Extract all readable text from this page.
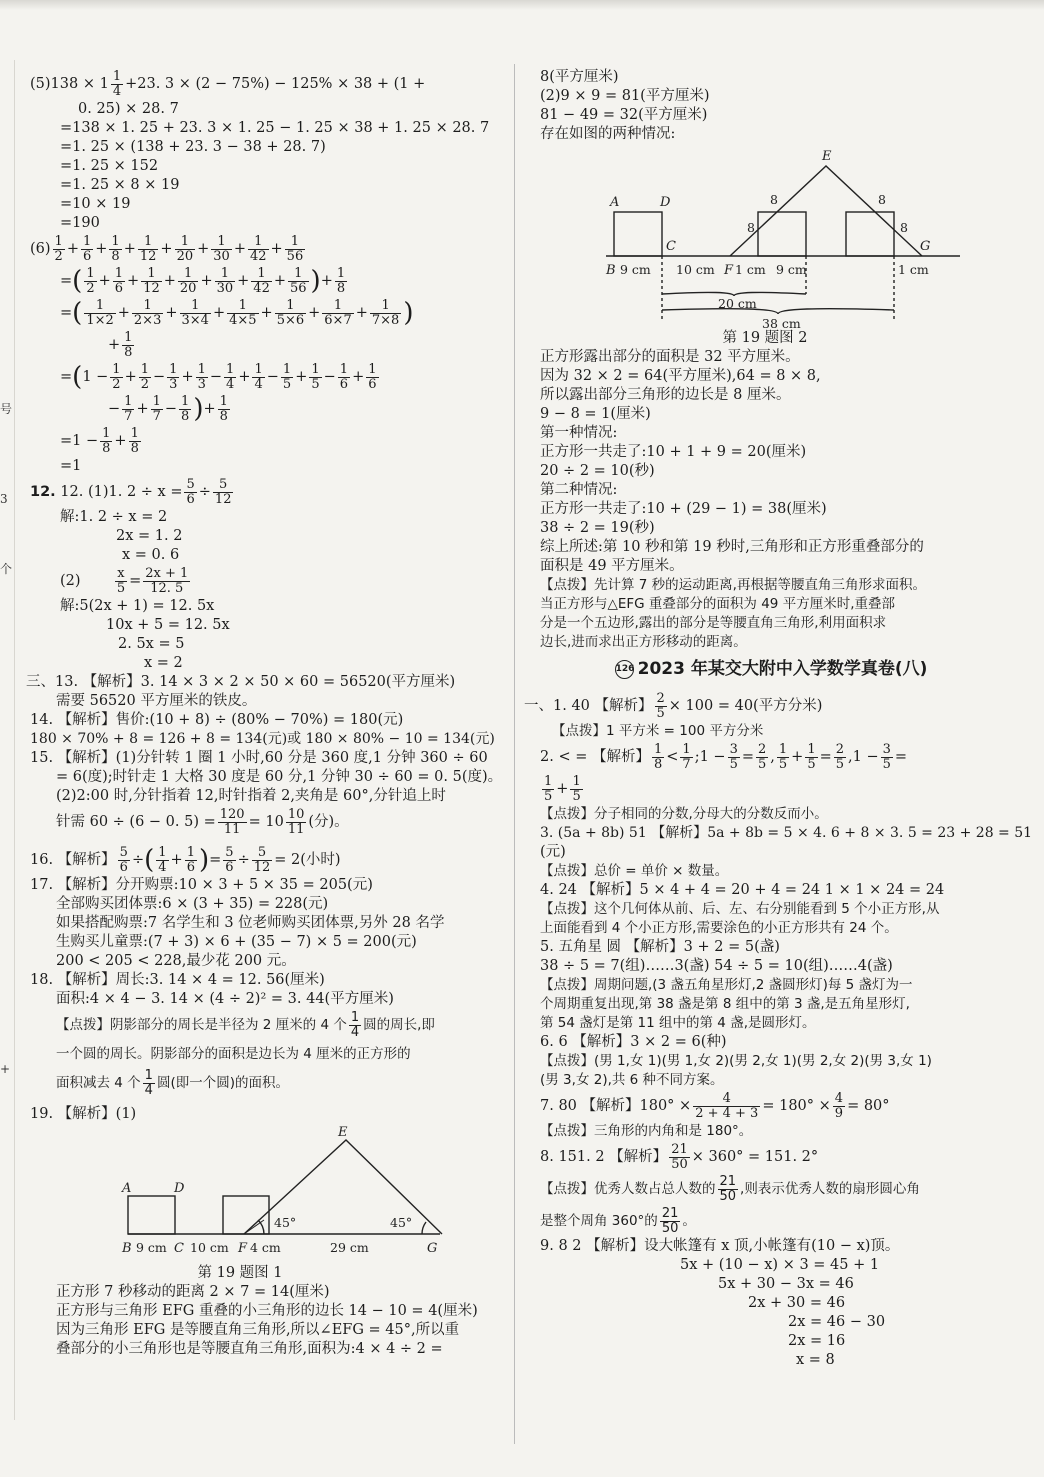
号
3
个
+
$(5)138 \times 1 \frac{1}{4} +23$. 3 × (2 − 75%) − 125% × 38 + (1 +
0. 25) × 28. 7
=138 × 1. 25 + 23. 3 × 1. 25 − 1. 25 × 38 + 1. 25 × 28. 7
=1. 25 × (138 + 23. 3 − 38 + 28. 7)
=1. 25 × 152
=1. 25 × 8 × 19
=10 × 19
=190
$(6) \frac{1}{2} + \frac{1}{6} + \frac{1}{8} + \frac{1}{12} + \frac{1}{20} + \frac{1}{30} + \frac{1}{42} + \frac{1}{56}$
=( $\frac{1}{2} + \frac{1}{6} + \frac{1}{12} + \frac{1}{20} + \frac{1}{30} + \frac{1}{42} + \frac{1}{56}$ )+ $\frac{1}{8}$
=( $\frac{1}{1\times 2} + \frac{1}{2\times 3} + \frac{1}{3\times 4} + \frac{1}{4\times 5} + \frac{1}{5\times 6} + \frac{1}{6\times 7} + \frac{1}{7\times 8}$ )
+ $\frac{1}{8}$
$=(1 - \frac{1}{2} + \frac{1}{2} - \frac{1}{3} + \frac{1}{3} - \frac{1}{4} + \frac{1}{4} - \frac{1}{5} + \frac{1}{5} - \frac{1}{6} + \frac{1}{6}$
− $\frac{1}{7} + \frac{1}{7} - \frac{1}{8}$ )+ $\frac{1}{8}$
$=1 - \frac{1}{8} + \frac{1}{8}$
=1
12. 12. (1)1. $2 \div x = \frac{5}{6} \div \frac{5}{12}$
解:1. 2 ÷ x = 2
2x = 1. 2
x = 0. 6
(2)	$\frac{x}{5} = \frac{2x + 1}{12. 5}$
解:5(2x + 1) = 12. 5x
10x + 5 = 12. 5x
2. 5x = 5
x = 2
三、13. 【解析】3. 14 × 3 × 2 × 50 × 60 = 56520(平方厘米)
需要 56520 平方厘米的铁皮。
14. 【解析】售价:(10 + 8) ÷ (80% − 70%) = 180(元)
180 × 70% + 8 = 126 + 8 = 134(元)或 180 × 80% − 10 = 134(元)
15. 【解析】(1)分针转 1 圈 1 小时,60 分是 360 度,1 分钟 360 ÷ 60
= 6(度);时针走 1 大格 30 度是 60 分,1 分钟 30 ÷ 60 = 0. 5(度)。
(2)2:00 时,分针指着 12,时针指着 2,夹角是 60°,分针追上时
针需 60 ÷ (6 − 0. $5) = \frac{120}{11} = 10 \frac{10}{11}$ (分)。
16. 【解析】 $\frac{5}{6}$ ÷( $\frac{1}{4} + \frac{1}{6}$ )= $\frac{5}{6} \div \frac{5}{12} = 2$(小时)
17. 【解析】分开购票:10 × 3 + 5 × 35 = 205(元)
全部购买团体票:6 × (3 + 35) = 228(元)
如果搭配购票:7 名学生和 3 位老师购买团体票,另外 28 名学
生购买儿童票:(7 + 3) × 6 + (35 − 7) × 5 = 200(元)
200 < 205 < 228,最少花 200 元。
18. 【解析】周长:3. 14 × 4 = 12. 56(厘米)
面积:4 × 4 − 3. 14 × (4 ÷ 2)² = 3. 44(平方厘米)
【点拨】阴影部分的周长是半径为 2 厘米的 4 个 $\frac{1}{4}$ 圆的周长,即
一个圆的周长。阴影部分的面积是边长为 4 厘米的正方形的
面积减去 4 个 $\frac{1}{4}$ 圆(即一个圆)的面积。
19. 【解析】(1)
A	D
E
B	C	F	G
9 cm 10 cm 4 cm	29 cm
45°	45°
第 19 题图 1
正方形 7 秒移动的距离 2 × 7 = 14(厘米)
正方形与三角形 EFG 重叠的小三角形的边长 14 − 10 = 4(厘米)
因为三角形 EFG 是等腰直角三角形,所以∠EFG = 45°,所以重
叠部分的小三角形也是等腰直角三角形,面积为:4 × 4 ÷ 2 =
8(平方厘米)
(2)9 × 9 = 81(平方厘米)
81 − 49 = 32(平方厘米)
存在如图的两种情况:
A	D
E
B
C
F
G
9 cm 10 cm 1 cm 9 cm	1 cm
8
8
8
8
20 cm
38 cm
第 19 题图 2
正方形露出部分的面积是 32 平方厘米。
因为 32 × 2 = 64(平方厘米),64 = 8 × 8,
所以露出部分三角形的边长是 8 厘米。
9 − 8 = 1(厘米)
第一种情况:
正方形一共走了:10 + 1 + 9 = 20(厘米)
20 ÷ 2 = 10(秒)
第二种情况:
正方形一共走了:10 + (29 − 1) = 38(厘米)
38 ÷ 2 = 19(秒)
综上所述:第 10 秒和第 19 秒时,三角形和正方形重叠部分的
面积是 49 平方厘米。
【点拨】先计算 7 秒的运动距离,再根据等腰直角三角形求面积。
当正方形与△EFG 重叠部分的面积为 49 平方厘米时,重叠部
分是一个五边形,露出的部分是等腰直角三角形,利用面积求
边长,进而求出正方形移动的距离。
126 2023 年某交大附中入学数学真卷(八)
一、1. 40 【解析】 $\frac{2}{5} \times 100 = 40$(平方分米)
【点拨】1 平方米 = 100 平方分米
2. < = 【解析】 $\frac{1}{8} < \frac{1}{7}$ ;1 − $\frac{3}{5} = \frac{2}{5}$ , $\frac{1}{5} + \frac{1}{5} = \frac{2}{5} ,1 - \frac{3}{5}$ =
$\frac{1}{5} + \frac{1}{5}$
【点拨】分子相同的分数,分母大的分数反而小。
3. (5a + 8b) 51 【解析】5a + 8b = 5 × 4. 6 + 8 × 3. 5 = 23 + 28 = 51
(元)
【点拨】总价 = 单价 × 数量。
4. 24 【解析】5 × 4 + 4 = 20 + 4 = 24 1 × 1 × 24 = 24
【点拨】这个几何体从前、后、左、右分别能看到 5 个小正方形,从
上面能看到 4 个小正方形,需要涂色的小正方形共有 24 个。
5. 五角星 圆 【解析】3 + 2 = 5(盏)
38 ÷ 5 = 7(组)……3(盏) 54 ÷ 5 = 10(组)……4(盏)
【点拨】周期问题,(3 盏五角星形灯,2 盏圆形灯)每 5 盏灯为一
个周期重复出现,第 38 盏是第 8 组中的第 3 盏,是五角星形灯,
第 54 盏灯是第 11 组中的第 4 盏,是圆形灯。
6. 6 【解析】3 × 2 = 6(种)
【点拨】(男 1,女 1)(男 1,女 2)(男 2,女 1)(男 2,女 2)(男 3,女 1)
(男 3,女 2),共 6 种不同方案。
7. 80 【解析】$180^\circ \times \frac{4}{2 + 4 + 3} = 180^\circ \times \frac{4}{9} = 80^\circ$
【点拨】三角形的内角和是 180°。
8. 151. 2 【解析】 $\frac{21}{50} \times 360^\circ = 151$. 2°
【点拨】优秀人数占总人数的 $\frac{21}{50}$ ,则表示优秀人数的扇形圆心角
是整个周角 360°的 $\frac{21}{50}$ 。
9. 8 2 【解析】设大帐篷有 x 顶,小帐篷有(10 − x)顶。
5x + (10 − x) × 3 = 45 + 1
5x + 30 − 3x = 46
2x + 30 = 46
2x = 46 − 30
2x = 16
x = 8
